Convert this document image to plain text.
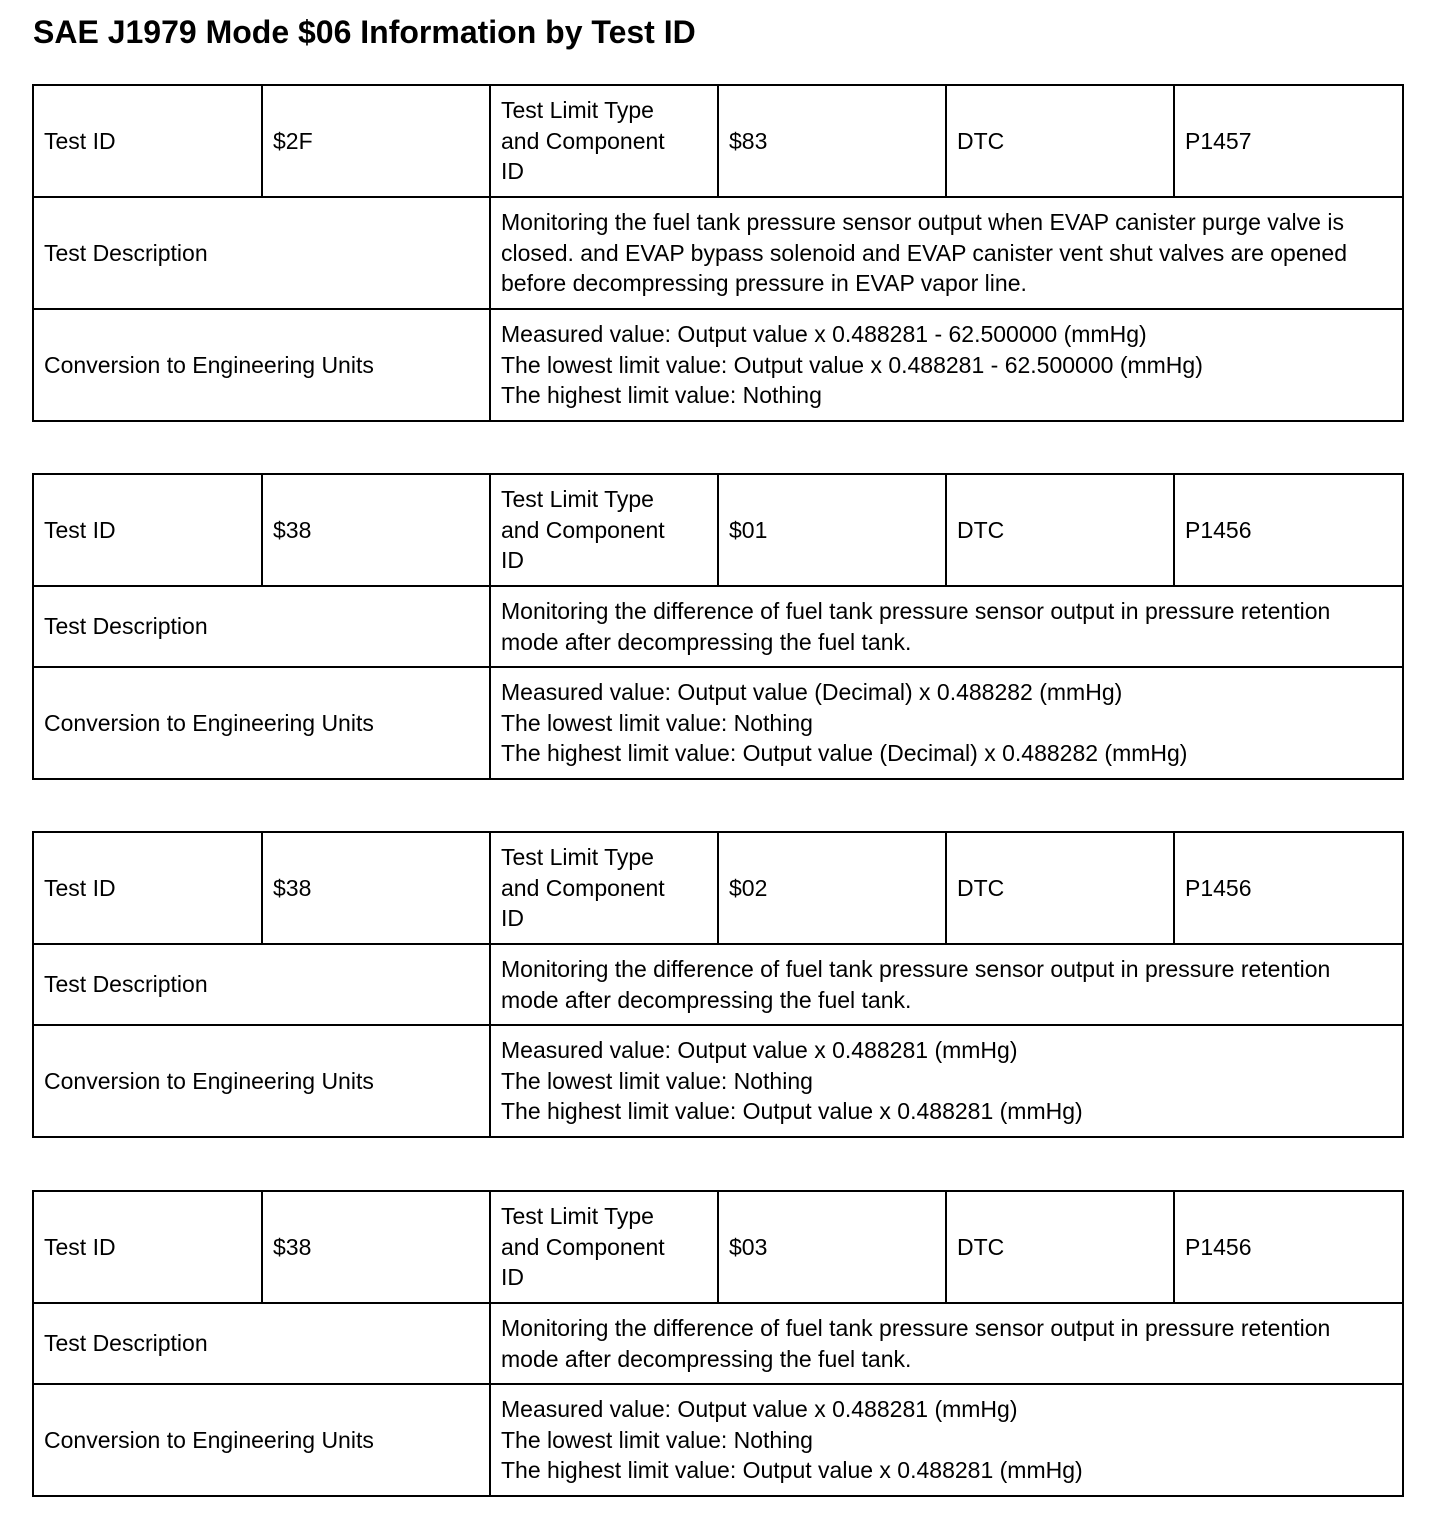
SAE J1979 Mode $06 Information by Test ID
Test ID	$2F	Test Limit Type
and Component
ID	$83	DTC	P1457
Test Description		Monitoring the fuel tank pressure sensor output when EVAP canister purge valve is closed. and EVAP bypass solenoid and EVAP canister vent shut valves are opened before decompressing pressure in EVAP vapor line.			

Conversion to Engineering Units		Measured value: Output value x 0.488281 - 62.500000 (mmHg)
The lowest limit value: Output value x 0.488281 - 62.500000 (mmHg)
The highest limit value: Nothing			
Test ID	$38	Test Limit Type
and Component
ID	$01	DTC	P1456
Test Description		Monitoring the difference of fuel tank pressure sensor output in pressure retention mode after decompressing the fuel tank.			

Conversion to Engineering Units		Measured value: Output value (Decimal) x 0.488282 (mmHg)
The lowest limit value: Nothing
The highest limit value: Output value (Decimal) x 0.488282 (mmHg)			
Test ID	$38	Test Limit Type
and Component
ID	$02	DTC	P1456
Test Description		Monitoring the difference of fuel tank pressure sensor output in pressure retention mode after decompressing the fuel tank.			

Conversion to Engineering Units		Measured value: Output value x 0.488281 (mmHg)
The lowest limit value: Nothing
The highest limit value: Output value x 0.488281 (mmHg)			
Test ID	$38	Test Limit Type
and Component
ID	$03	DTC	P1456
Test Description		Monitoring the difference of fuel tank pressure sensor output in pressure retention mode after decompressing the fuel tank.			

Conversion to Engineering Units		Measured value: Output value x 0.488281 (mmHg)
The lowest limit value: Nothing
The highest limit value: Output value x 0.488281 (mmHg)			
